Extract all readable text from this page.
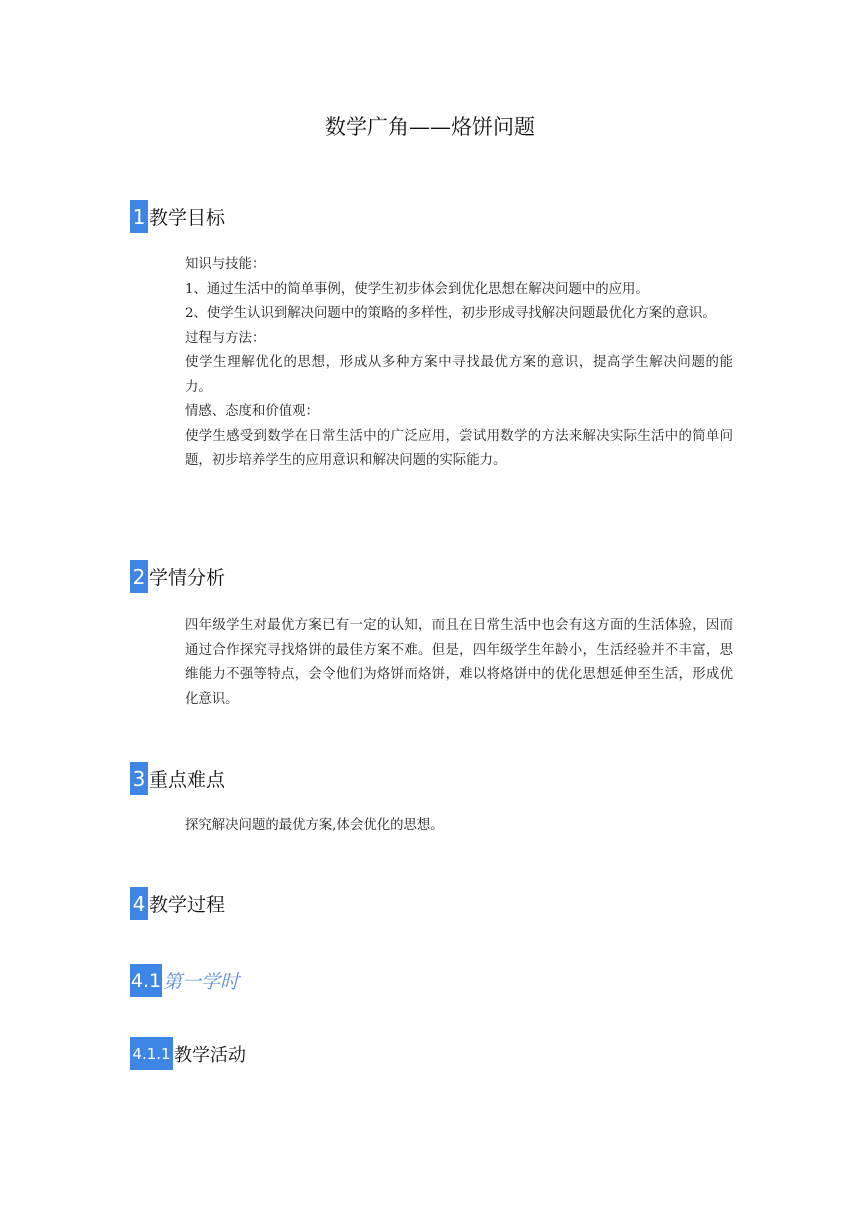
数学广角——烙饼问题
1 教学目标

知识与技能：

1、通过生活中的简单事例，使学生初步体会到优化思想在解决问题中的应用。

2、使学生认识到解决问题中的策略的多样性，初步形成寻找解决问题最优化方案的意识。

过程与方法：

使学生理解优化的思想，形成从多种方案中寻找最优方案的意识，提高学生解决问题的能力。

情感、态度和价值观：

使学生感受到数学在日常生活中的广泛应用，尝试用数学的方法来解决实际生活中的简单问题，初步培养学生的应用意识和解决问题的实际能力。

2 学情分析

四年级学生对最优方案已有一定的认知，而且在日常生活中也会有这方面的生活体验，因而通过合作探究寻找烙饼的最佳方案不难。但是，四年级学生年龄小，生活经验并不丰富，思维能力不强等特点，会令他们为烙饼而烙饼，难以将烙饼中的优化思想延伸至生活，形成优化意识。

3 重点难点

探究解决问题的最优方案,体会优化的思想。

4 教学过程
4.1 第一学时
4.1.1 教学活动
